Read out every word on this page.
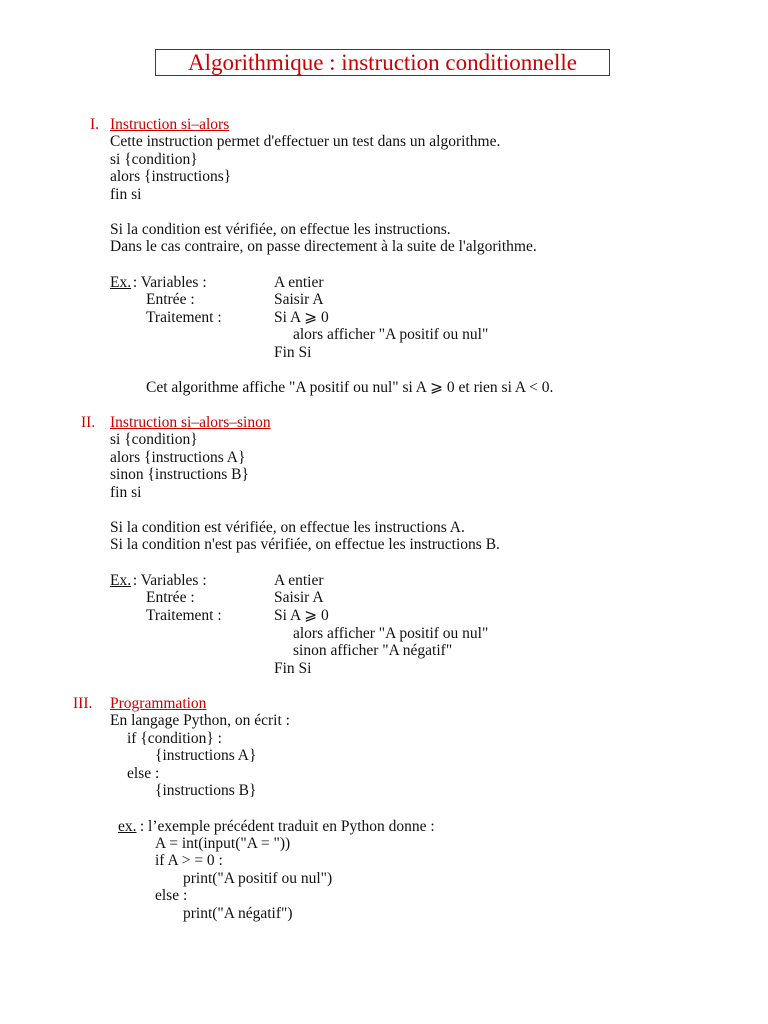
Algorithmique : instruction conditionnelle
I. Instruction si–alors
Cette instruction permet d'effectuer un test dans un algorithme.
si {condition}
alors {instructions}
fin si
Si la condition est vérifiée, on effectue les instructions.
Dans le cas contraire, on passe directement à la suite de l'algorithme.
Ex.
: Variables :
Entrée :
Traitement :
A entier
Saisir A
Si A ⩾ 0
alors afficher "A positif ou nul"
Fin Si
Cet algorithme affiche "A positif ou nul" si A ⩾ 0 et rien si A < 0.
II. Instruction si–alors–sinon
si {condition}
alors {instructions A}
sinon {instructions B}
fin si
Si la condition est vérifiée, on effectue les instructions A.
Si la condition n'est pas vérifiée, on effectue les instructions B.
Ex.
: Variables :
Entrée :
Traitement :
A entier
Saisir A
Si A ⩾ 0
alors afficher "A positif ou nul"
sinon afficher "A négatif"
Fin Si
III. Programmation
En langage Python, on écrit :
if {condition} :
{instructions A}
else :
{instructions B}
ex. : l’exemple précédent traduit en Python donne :
A = int(input("A = "))
if A > = 0 :
print("A positif ou nul")
else :
print("A négatif")
